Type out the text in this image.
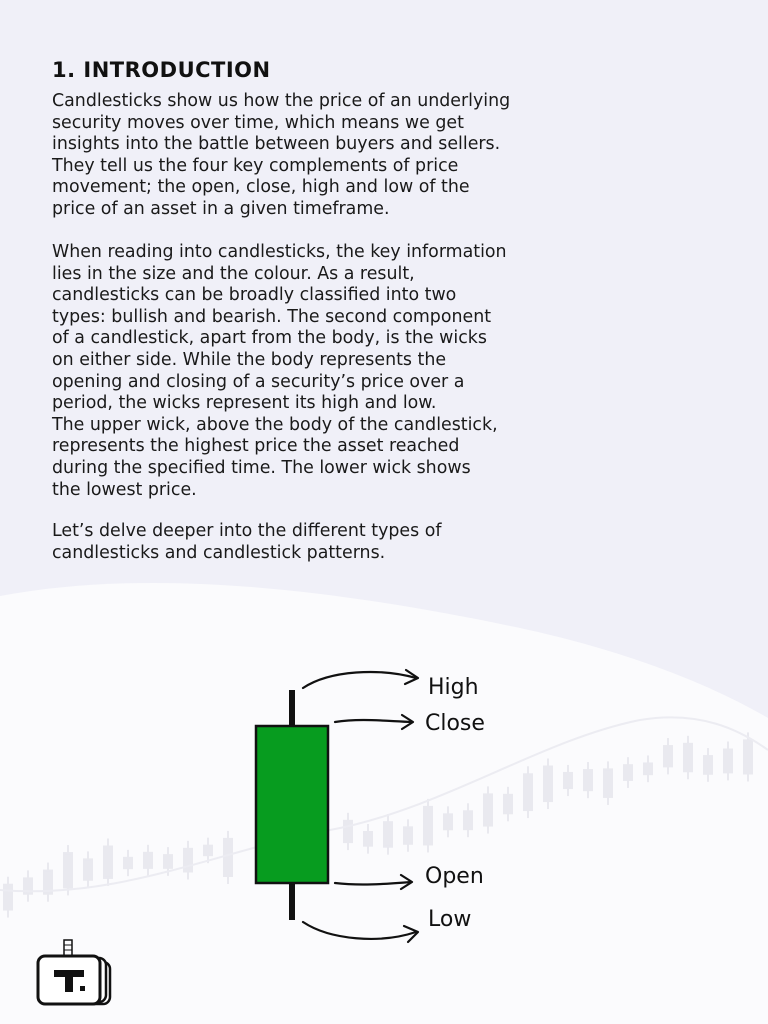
1. INTRODUCTION
Candlesticks show us how the price of an underlying
security moves over time, which means we get
insights into the battle between buyers and sellers.
They tell us the four key complements of price
movement; the open, close, high and low of the
price of an asset in a given timeframe.
When reading into candlesticks, the key information
lies in the size and the colour. As a result,
candlesticks can be broadly classified into two
types: bullish and bearish. The second component
of a candlestick, apart from the body, is the wicks
on either side. While the body represents the
opening and closing of a security’s price over a
period, the wicks represent its high and low.
The upper wick, above the body of the candlestick,
represents the highest price the asset reached
during the specified time. The lower wick shows
the lowest price.
Let’s delve deeper into the different types of
candlesticks and candlestick patterns.
High
Close
Open
Low
